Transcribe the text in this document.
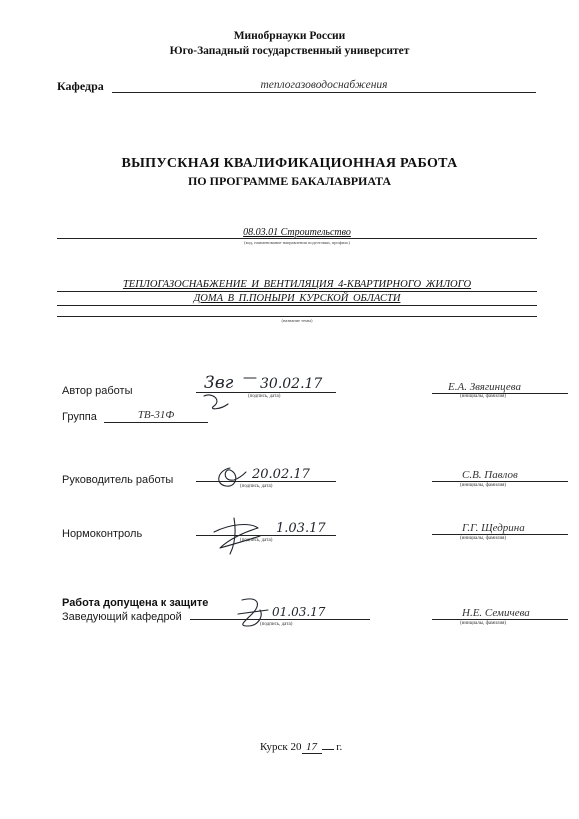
Минобрнауки России
Юго-Западный государственный университет
Кафедра	теплогазоводоснабжения
ВЫПУСКНАЯ КВАЛИФИКАЦИОННАЯ РАБОТА
ПО ПРОГРАММЕ БАКАЛАВРИАТА
08.03.01 Строительство
(код, наименование направления подготовки, профиль)
ТЕПЛОГАЗОСНАБЖЕНИЕ И ВЕНТИЛЯЦИЯ 4-КВАРТИРНОГО ЖИЛОГО
ДОМА В П.ПОНЫРИ КУРСКОЙ ОБЛАСТИ
(название темы)
Автор работы	3вг 30.02.17
(подпись, дата)
Е.А. Звягинцева
(инициалы, фамилия)
Группа	ТВ-31Ф
Руководитель работы	20.02.17
(подпись, дата)
С.В. Павлов
(инициалы, фамилия)
Нормоконтроль	1.03.17
(подпись, дата)
Г.Г. Щедрина
(инициалы, фамилия)
Работа допущена к защите
Заведующий кафедрой	01.03.17
(подпись, дата)
Н.Е. Семичева
(инициалы, фамилия)
Курск 20 17 г.
